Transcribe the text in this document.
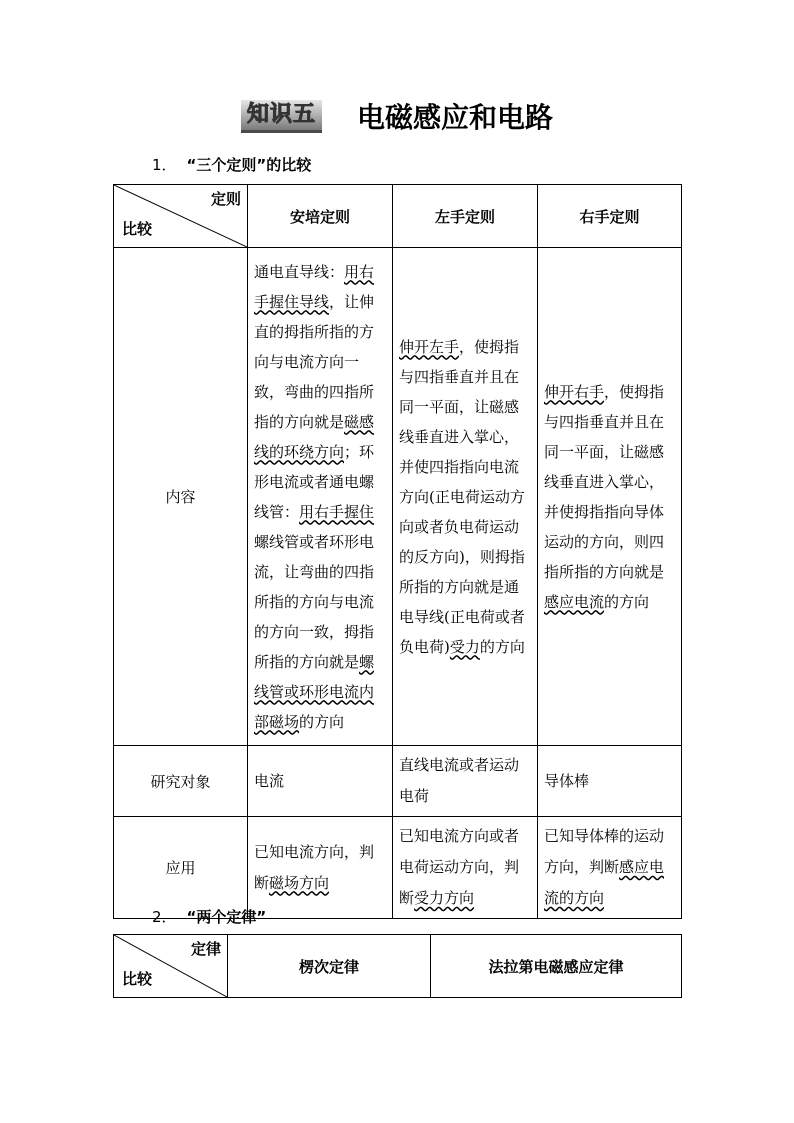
知识五 电磁感应和电路
1． “三个定则”的比较
定则
比较	安培定则	左手定则	右手定则
内容	通电直导线：用右手握住导线，让伸直的拇指所指的方向与电流方向一致，弯曲的四指所指的方向就是磁感线的环绕方向；环形电流或者通电螺线管：用右手握住螺线管或者环形电流，让弯曲的四指所指的方向与电流的方向一致，拇指所指的方向就是螺线管或环形电流内部磁场的方向	伸开左手，使拇指与四指垂直并且在同一平面，让磁感线垂直进入掌心，并使四指指向电流方向(正电荷运动方向或者负电荷运动的反方向)，则拇指所指的方向就是通电导线(正电荷或者负电荷)受力的方向	伸开右手，使拇指与四指垂直并且在同一平面，让磁感线垂直进入掌心，并使拇指指向导体运动的方向，则四指所指的方向就是感应电流的方向
研究对象	电流	直线电流或者运动电荷	导体棒
应用	已知电流方向，判断磁场方向	已知电流方向或者电荷运动方向，判断受力方向	已知导体棒的运动方向，判断感应电流的方向
2． “两个定律”
定律
比较
	楞次定律	法拉第电磁感应定律
